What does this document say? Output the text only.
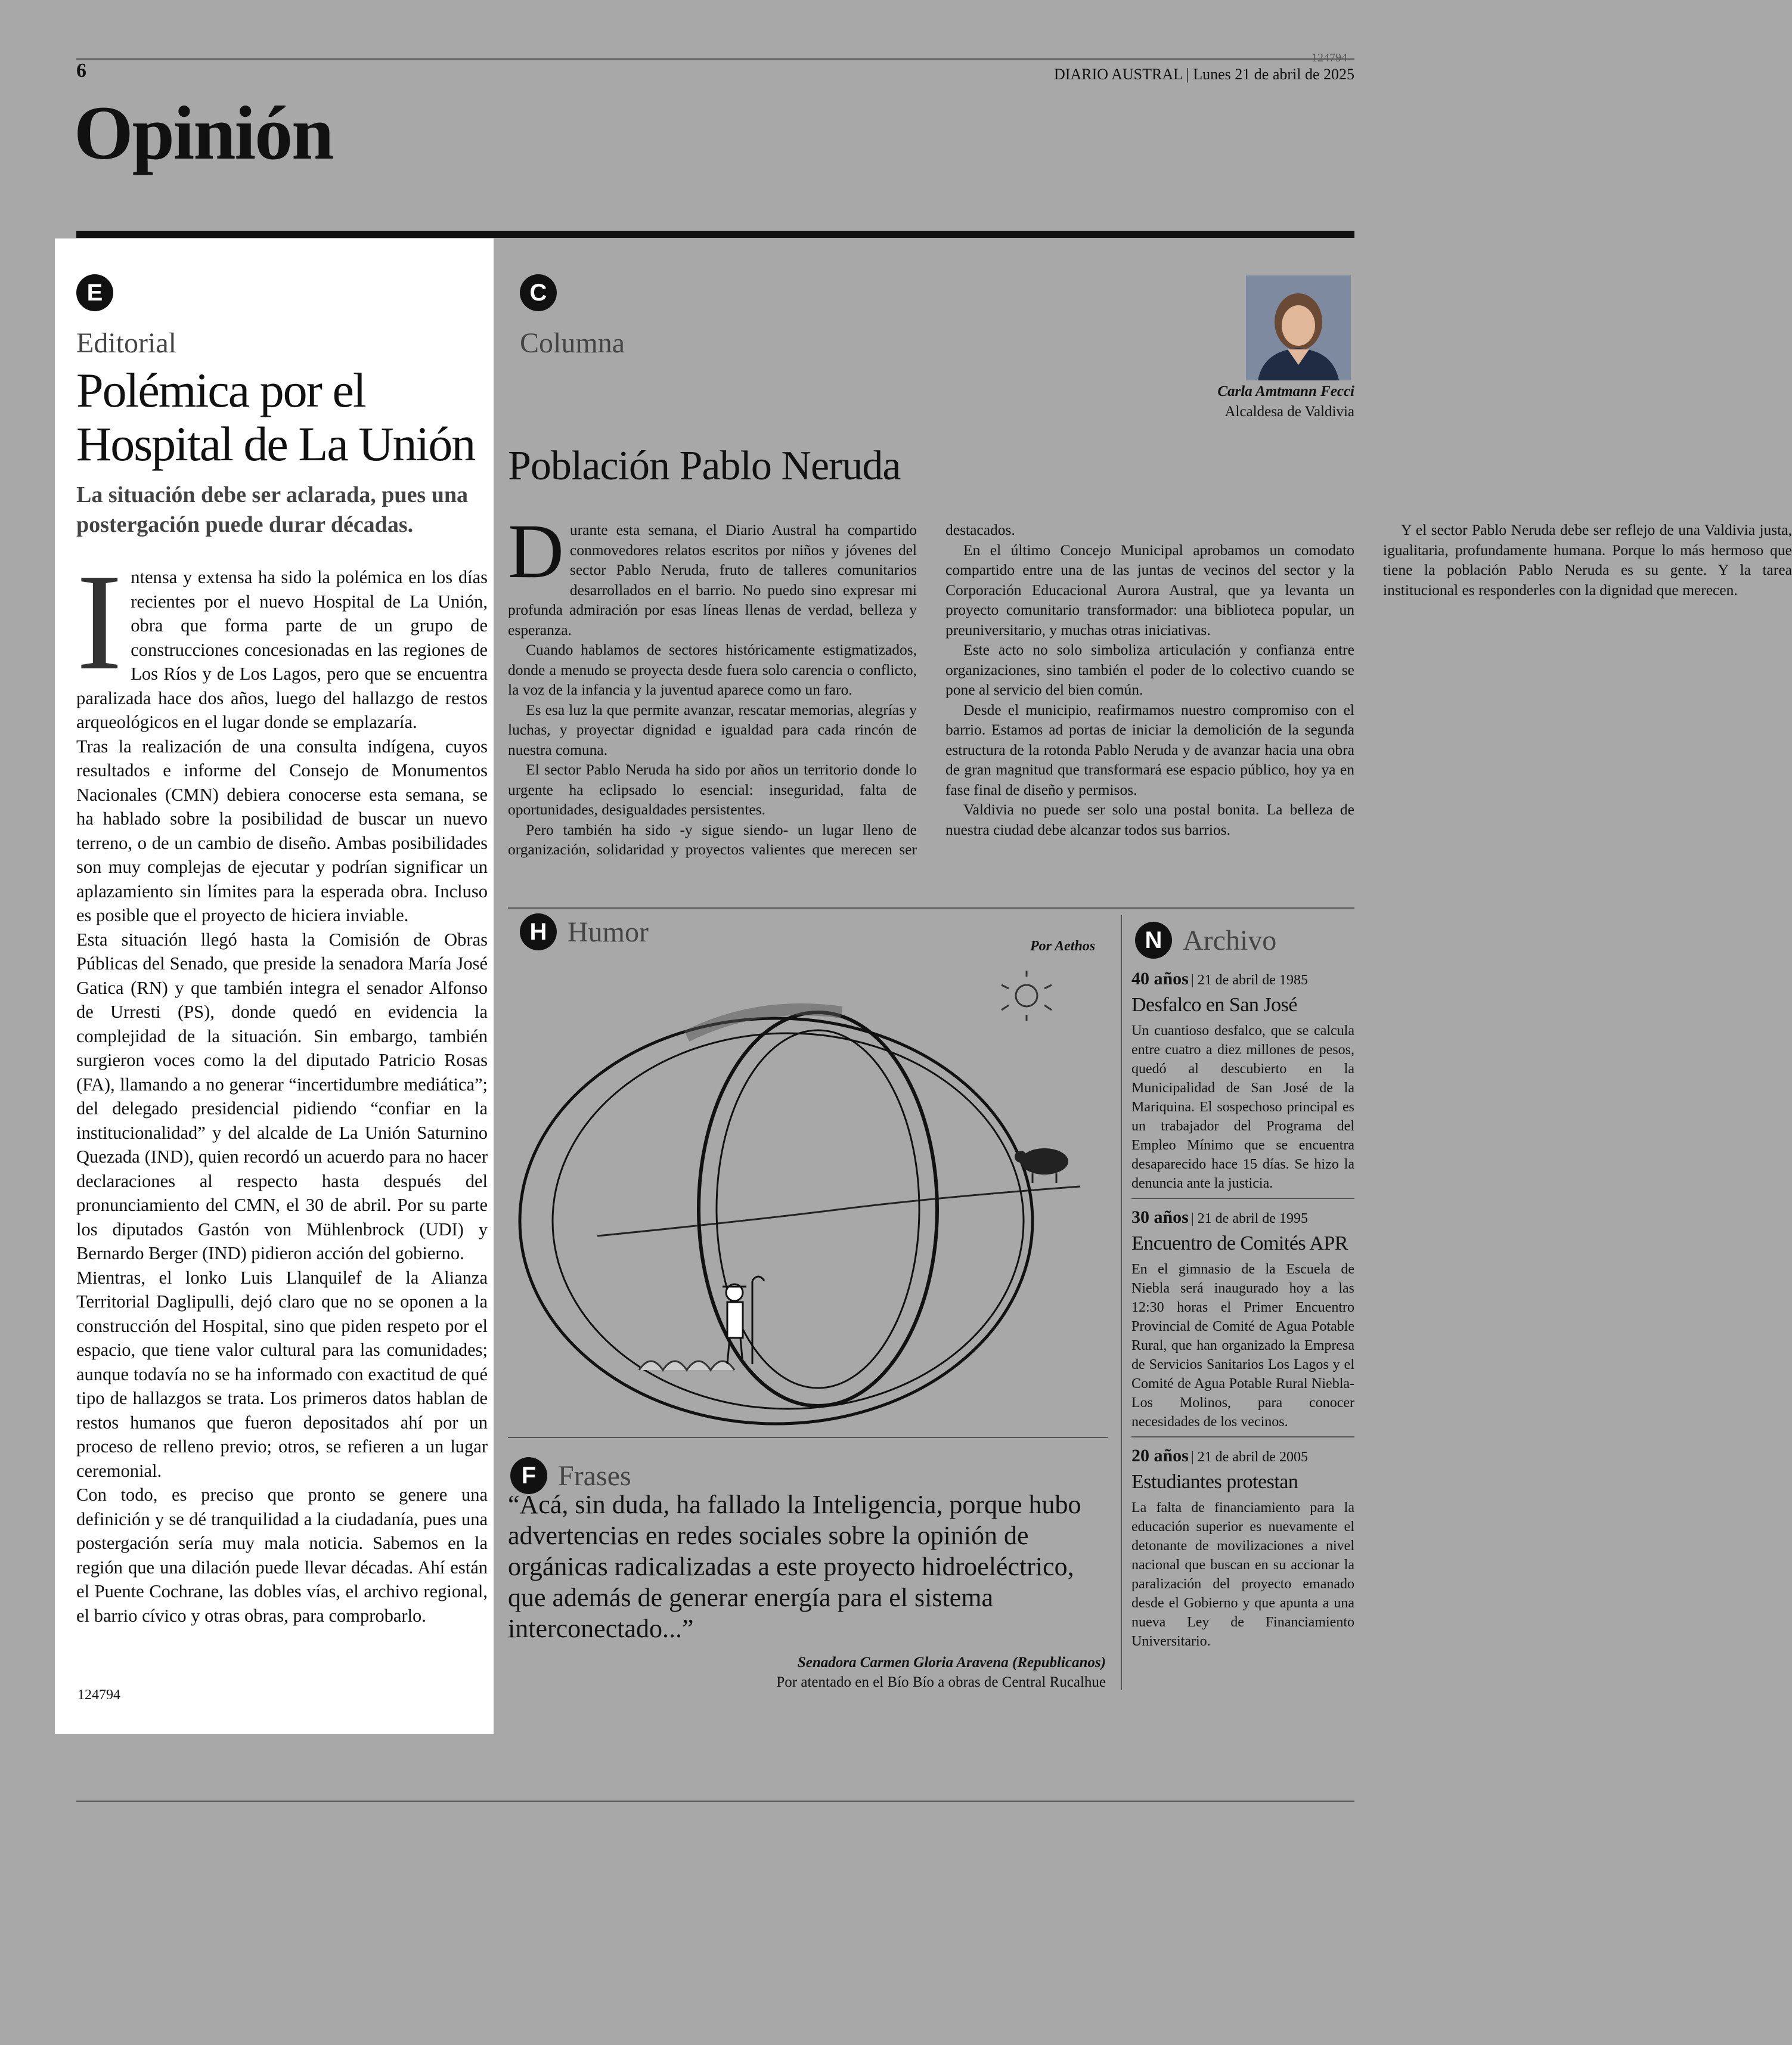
6
124794
DIARIO AUSTRAL | Lunes 21 de abril de 2025
Opinión
E
Editorial
Polémica por el
Hospital de La Unión
La situación debe ser aclarada, pues una postergación puede durar décadas.

Intensa y extensa ha sido la polémica en los días recientes por el nuevo Hospital de La Unión, obra que forma parte de un grupo de construcciones concesionadas en las regiones de Los Ríos y de Los Lagos, pero que se encuentra paralizada hace dos años, luego del hallazgo de restos arqueológicos en el lugar donde se emplazaría.

Tras la realización de una consulta indígena, cuyos resultados e informe del Consejo de Monumentos Nacionales (CMN) debiera conocerse esta semana, se ha hablado sobre la posibilidad de buscar un nuevo terreno, o de un cambio de diseño. Ambas posibilidades son muy complejas de ejecutar y podrían significar un aplazamiento sin límites para la esperada obra. Incluso es posible que el proyecto de hiciera inviable.

Esta situación llegó hasta la Comisión de Obras Públicas del Senado, que preside la senadora María José Gatica (RN) y que también integra el senador Alfonso de Urresti (PS), donde quedó en evidencia la complejidad de la situación. Sin embargo, también surgieron voces como la del diputado Patricio Rosas (FA), llamando a no generar “incertidumbre mediática”; del delegado presidencial pidiendo “confiar en la institucionalidad” y del alcalde de La Unión Saturnino Quezada (IND), quien recordó un acuerdo para no hacer declaraciones al respecto hasta después del pronunciamiento del CMN, el 30 de abril. Por su parte los diputados Gastón von Mühlenbrock (UDI) y Bernardo Berger (IND) pidieron acción del gobierno.

Mientras, el lonko Luis Llanquilef de la Alianza Territorial Daglipulli, dejó claro que no se oponen a la construcción del Hospital, sino que piden respeto por el espacio, que tiene valor cultural para las comunidades; aunque todavía no se ha informado con exactitud de qué tipo de hallazgos se trata. Los primeros datos hablan de restos humanos que fueron depositados ahí por un proceso de relleno previo; otros, se refieren a un lugar ceremonial.

Con todo, es preciso que pronto se genere una definición y se dé tranquilidad a la ciudadanía, pues una postergación sería muy mala noticia. Sabemos en la región que una dilación puede llevar décadas. Ahí están el Puente Cochrane, las dobles vías, el archivo regional, el barrio cívico y otras obras, para comprobarlo.

124794
C
Columna
Carla Amtmann Fecci
Alcaldesa de Valdivia
Población Pablo Neruda

Durante esta semana, el Diario Austral ha compartido conmovedores relatos escritos por niños y jóvenes del sector Pablo Neruda, fruto de talleres comunitarios desarrollados en el barrio. No puedo sino expresar mi profunda admiración por esas líneas llenas de verdad, belleza y esperanza.

Cuando hablamos de sectores históricamente estigmatizados, donde a menudo se proyecta desde fuera solo carencia o conflicto, la voz de la infancia y la juventud aparece como un faro.

Es esa luz la que permite avanzar, rescatar memorias, alegrías y luchas, y proyectar dignidad e igualdad para cada rincón de nuestra comuna.

El sector Pablo Neruda ha sido por años un territorio donde lo urgente ha eclipsado lo esencial: inseguridad, falta de oportunidades, desigualdades persistentes.

Pero también ha sido -y sigue siendo- un lugar lleno de organización, solidaridad y proyectos valientes que merecen ser destacados.

En el último Concejo Municipal aprobamos un comodato compartido entre una de las juntas de vecinos del sector y la Corporación Educacional Aurora Austral, que ya levanta un proyecto comunitario transformador: una biblioteca popular, un preuniversitario, y muchas otras iniciativas.

Este acto no solo simboliza articulación y confianza entre organizaciones, sino también el poder de lo colectivo cuando se pone al servicio del bien común.

Desde el municipio, reafirmamos nuestro compromiso con el barrio. Estamos ad portas de iniciar la demolición de la segunda estructura de la rotonda Pablo Neruda y de avanzar hacia una obra de gran magnitud que transformará ese espacio público, hoy ya en fase final de diseño y permisos.

Valdivia no puede ser solo una postal bonita. La belleza de nuestra ciudad debe alcanzar todos sus barrios.

Y el sector Pablo Neruda debe ser reflejo de una Valdivia justa, igualitaria, profundamente humana. Porque lo más hermoso que tiene la población Pablo Neruda es su gente. Y la tarea institucional es responderles con la dignidad que merecen.

H Humor	Por Aethos
F Frases
“Acá, sin duda, ha fallado la Inteligencia, porque hubo advertencias en redes sociales sobre la opinión de orgánicas radicalizadas a este proyecto hidroeléctrico, que además de generar energía para el sistema interconectado...”
Senadora Carmen Gloria Aravena (Republicanos)
Por atentado en el Bío Bío a obras de Central Rucalhue
N Archivo
40 años | 21 de abril de 1985
Desfalco en San José
Un cuantioso desfalco, que se calcula entre cuatro a diez millones de pesos, quedó al descubierto en la Municipalidad de San José de la Mariquina. El sospechoso principal es un trabajador del Programa del Empleo Mínimo que se encuentra desaparecido hace 15 días. Se hizo la denuncia ante la justicia.
30 años | 21 de abril de 1995
Encuentro de Comités APR
En el gimnasio de la Escuela de Niebla será inaugurado hoy a las 12:30 horas el Primer Encuentro Provincial de Comité de Agua Potable Rural, que han organizado la Empresa de Servicios Sanitarios Los Lagos y el Comité de Agua Potable Rural Niebla-Los Molinos, para conocer necesidades de los vecinos.
20 años | 21 de abril de 2005
Estudiantes protestan
La falta de financiamiento para la educación superior es nuevamente el detonante de movilizaciones a nivel nacional que buscan en su accionar la paralización del proyecto emanado desde el Gobierno y que apunta a una nueva Ley de Financiamiento Universitario.
